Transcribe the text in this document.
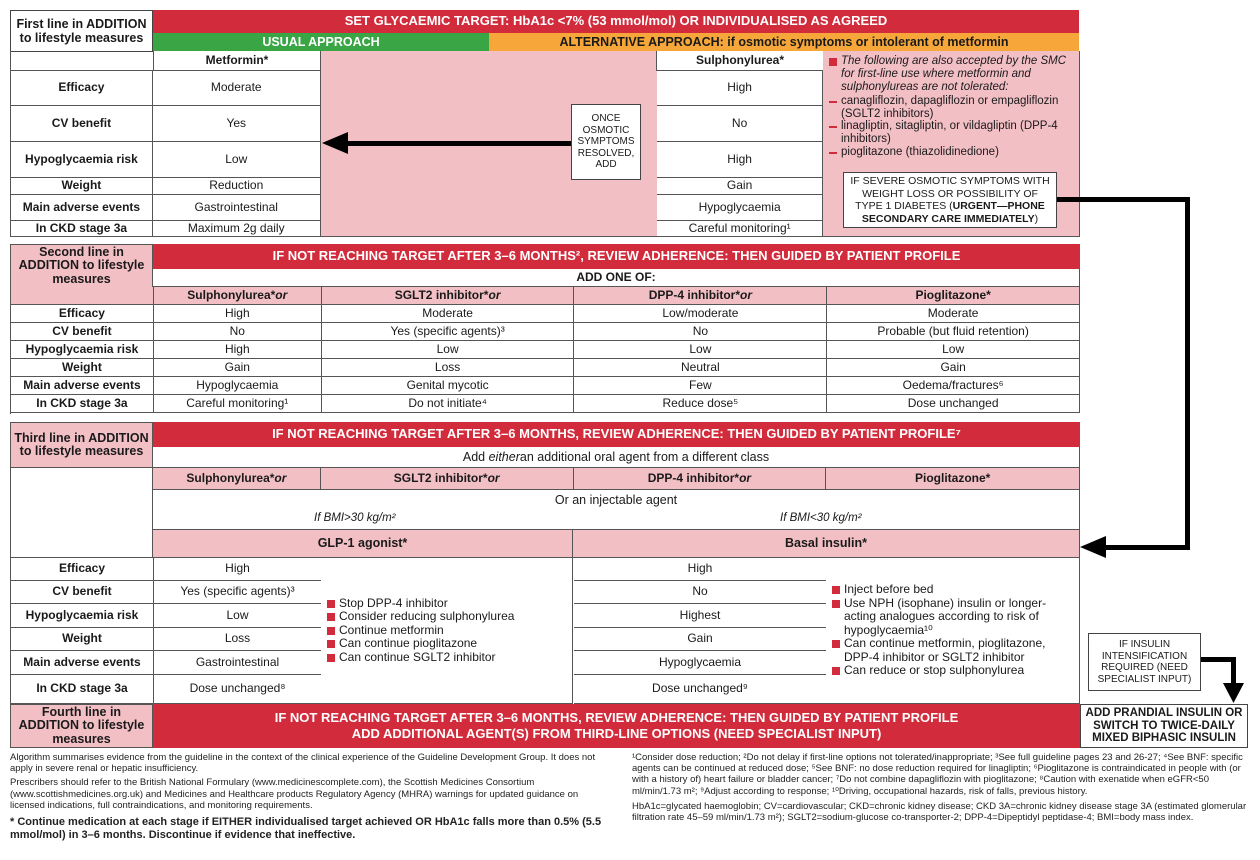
First line in ADDITION to lifestyle measures
SET GLYCAEMIC TARGET: HbA1c <7% (53 mmol/mol) OR INDIVIDUALISED AS AGREED
USUAL APPROACH	ALTERNATIVE APPROACH: if osmotic symptoms or intolerant of metformin
Metformin*	Sulphonylurea*
Efficacy	Moderate	High
CV benefit	Yes	No
Hypoglycaemia risk	Low	High
Weight	Reduction	Gain
Main adverse events	Gastrointestinal	Hypoglycaemia
In CKD stage 3a	Maximum 2g daily	Careful monitoring¹
ONCE OSMOTIC SYMPTOMS RESOLVED, ADD
The following are also accepted by the SMC for first-line use where metformin and sulphonylureas are not tolerated:
canagliflozin, dapagliflozin or empagliflozin (SGLT2 inhibitors)
linagliptin, sitagliptin, or vildagliptin (DPP-4 inhibitors)
pioglitazone (thiazolidinedione)
IF SEVERE OSMOTIC SYMPTOMS WITH WEIGHT LOSS OR POSSIBILITY OF TYPE 1 DIABETES (URGENT—PHONE SECONDARY CARE IMMEDIATELY)
Second line in ADDITION to lifestyle measures
IF NOT REACHING TARGET AFTER 3–6 MONTHS², REVIEW ADHERENCE: THEN GUIDED BY PATIENT PROFILE
ADD ONE OF:
Sulphonylurea* or	SGLT2 inhibitor* or	DPP-4 inhibitor* or	Pioglitazone*
Efficacy	High	Moderate	Low/moderate	Moderate
CV benefit	No	Yes (specific agents)³	No	Probable (but fluid retention)
Hypoglycaemia risk	High	Low	Low	Low
Weight	Gain	Loss	Neutral	Gain
Main adverse events	Hypoglycaemia	Genital mycotic	Few	Oedema/fractures⁶
In CKD stage 3a	Careful monitoring¹	Do not initiate⁴	Reduce dose⁵	Dose unchanged
Third line in ADDITION to lifestyle measures
IF NOT REACHING TARGET AFTER 3–6 MONTHS, REVIEW ADHERENCE: THEN GUIDED BY PATIENT PROFILE⁷
Add
either an additional oral agent from a different class
Sulphonylurea* or	SGLT2 inhibitor* or	DPP-4 inhibitor* or	Pioglitazone*
Or an injectable agent
If BMI>30 kg/m²	If BMI<30 kg/m²
GLP-1 agonist*	Basal insulin*
Efficacy	High	High
CV benefit	Yes (specific agents)³	No
Hypoglycaemia risk	Low	Highest
Weight	Loss	Gain
Main adverse events	Gastrointestinal	Hypoglycaemia
In CKD stage 3a	Dose unchanged⁸	Dose unchanged⁹
Stop DPP-4 inhibitor
Consider reducing sulphonylurea
Continue metformin
Can continue pioglitazone
Can continue SGLT2 inhibitor
Inject before bed
Use NPH (isophane) insulin or longer-acting analogues according to risk of hypoglycaemia¹⁰
Can continue metformin, pioglitazone, DPP-4 inhibitor or SGLT2 inhibitor
Can reduce or stop sulphonylurea
IF INSULIN INTENSIFICATION REQUIRED (NEED SPECIALIST INPUT)
Fourth line in ADDITION to lifestyle measures
IF NOT REACHING TARGET AFTER 3–6 MONTHS, REVIEW ADHERENCE: THEN GUIDED BY PATIENT PROFILE
ADD ADDITIONAL AGENT(S) FROM THIRD-LINE OPTIONS (NEED SPECIALIST INPUT)
ADD PRANDIAL INSULIN OR SWITCH TO TWICE-DAILY MIXED BIPHASIC INSULIN

Algorithm summarises evidence from the guideline in the context of the clinical experience of the Guideline Development Group. It does not apply in severe renal or hepatic insufficiency.

Prescribers should refer to the British National Formulary (www.medicinescomplete.com), the Scottish Medicines Consortium (www.scottishmedicines.org.uk) and Medicines and Healthcare products Regulatory Agency (MHRA) warnings for updated guidance on licensed indications, full contraindications, and monitoring requirements.

* Continue medication at each stage if EITHER individualised target achieved OR HbA1c falls more than 0.5% (5.5 mmol/mol) in 3–6 months. Discontinue if evidence that ineffective.

¹Consider dose reduction; ²Do not delay if first-line options not tolerated/inappropriate; ³See full guideline pages 23 and 26-27; ⁴See BNF: specific agents can be continued at reduced dose; ⁵See BNF: no dose reduction required for linagliptin; ⁶Pioglitazone is contraindicated in people with (or with a history of) heart failure or bladder cancer; ⁷Do not combine dapagliflozin with pioglitazone; ⁸Caution with exenatide when eGFR<50 ml/min/1.73 m²; ⁹Adjust according to response; ¹⁰Driving, occupational hazards, risk of falls, previous history.

HbA1c=glycated haemoglobin; CV=cardiovascular; CKD=chronic kidney disease; CKD 3A=chronic kidney disease stage 3A (estimated glomerular filtration rate 45–59 ml/min/1.73 m²); SGLT2=sodium-glucose co-transporter-2; DPP-4=Dipeptidyl peptidase-4; BMI=body mass index.
